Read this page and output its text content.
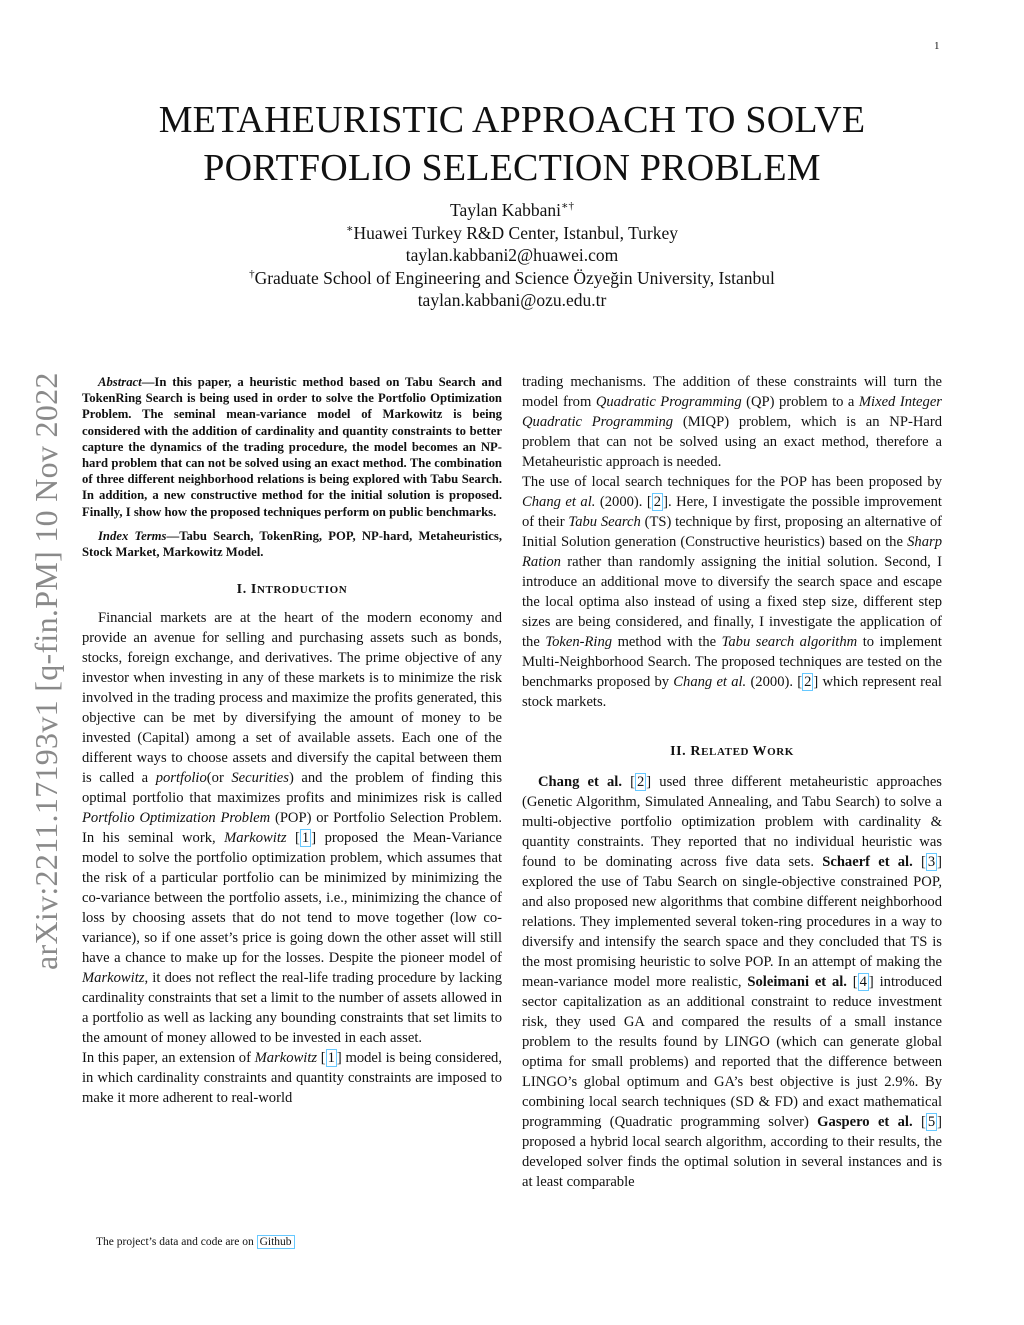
1
arXiv:2211.17193v1 [q-fin.PM] 10 Nov 2022
METAHEURISTIC APPROACH TO SOLVE
PORTFOLIO SELECTION PROBLEM
Taylan Kabbani∗†
∗Huawei Turkey R&D Center, Istanbul, Turkey
taylan.kabbani2@huawei.com
†Graduate School of Engineering and Science Özyeğin University, Istanbul
taylan.kabbani@ozu.edu.tr

Abstract—In this paper, a heuristic method based on Tabu Search and TokenRing Search is being used in order to solve the Portfolio Optimization Problem. The seminal mean-variance model of Markowitz is being considered with the addition of cardinality and quantity constraints to better capture the dynamics of the trading procedure, the model becomes an NP-hard problem that can not be solved using an exact method. The combination of three different neighborhood relations is being explored with Tabu Search. In addition, a new constructive method for the initial solution is proposed. Finally, I show how the proposed techniques perform on public benchmarks.

Index Terms—Tabu Search, TokenRing, POP, NP-hard, Metaheuristics, Stock Market, Markowitz Model.

I. INTRODUCTION

Financial markets are at the heart of the modern economy and provide an avenue for selling and purchasing assets such as bonds, stocks, foreign exchange, and derivatives. The prime objective of any investor when investing in any of these markets is to minimize the risk involved in the trading process and maximize the profits generated, this objective can be met by diversifying the amount of money to be invested (Capital) among a set of available assets. Each one of the different ways to choose assets and diversify the capital between them is called a portfolio(or Securities) and the problem of finding this optimal portfolio that maximizes profits and minimizes risk is called Portfolio Optimization Problem (POP) or Portfolio Selection Problem. In his seminal work, Markowitz [ 1 ] proposed the Mean-Variance model to solve the portfolio optimization problem, which assumes that the risk of a particular portfolio can be minimized by minimizing the co-variance between the portfolio assets, i.e., minimizing the chance of loss by choosing assets that do not tend to move together (low co-variance), so if one asset’s price is going down the other asset will still have a chance to make up for the losses. Despite the pioneer model of Markowitz, it does not reflect the real-life trading procedure by lacking cardinality constraints that set a limit to the number of assets allowed in a portfolio as well as lacking any bounding constraints that set limits to the amount of money allowed to be invested in each asset.

In this paper, an extension of Markowitz [ 1 ] model is being considered, in which cardinality constraints and quantity constraints are imposed to make it more adherent to real-world

trading mechanisms. The addition of these constraints will turn the model from Quadratic Programming (QP) problem to a Mixed Integer Quadratic Programming (MIQP) problem, which is an NP-Hard problem that can not be solved using an exact method, therefore a Metaheuristic approach is needed.

The use of local search techniques for the POP has been proposed by Chang et al. (2000). [ 2 ]. Here, I investigate the possible improvement of their Tabu Search (TS) technique by first, proposing an alternative of Initial Solution generation (Constructive heuristics) based on the Sharp Ration rather than randomly assigning the initial solution. Second, I introduce an additional move to diversify the search space and escape the local optima also instead of using a fixed step size, different step sizes are being considered, and finally, I investigate the application of the Token-Ring method with the Tabu search algorithm to implement Multi-Neighborhood Search. The proposed techniques are tested on the benchmarks proposed by Chang et al. (2000). [ 2 ] which represent real stock markets.

II. RELATED WORK

Chang et al. [ 2 ] used three different metaheuristic approaches (Genetic Algorithm, Simulated Annealing, and Tabu Search) to solve a multi-objective portfolio optimization problem with cardinality & quantity constraints. They reported that no individual heuristic was found to be dominating across five data sets. Schaerf et al. [ 3 ] explored the use of Tabu Search on single-objective constrained POP, and also proposed new algorithms that combine different neighborhood relations. They implemented several token-ring procedures in a way to diversify and intensify the search space and they concluded that TS is the most promising heuristic to solve POP. In an attempt of making the mean-variance model more realistic, Soleimani et al. [ 4 ] introduced sector capitalization as an additional constraint to reduce investment risk, they used GA and compared the results of a small instance problem to the results found by LINGO (which can generate global optima for small problems) and reported that the difference between LINGO’s global optimum and GA’s best objective is just 2.9%. By combining local search techniques (SD & FD) and exact mathematical programming (Quadratic programming solver) Gaspero et al. [ 5 ] proposed a hybrid local search algorithm, according to their results, the developed solver finds the optimal solution in several instances and is at least comparable

The project’s data and code are on Github
